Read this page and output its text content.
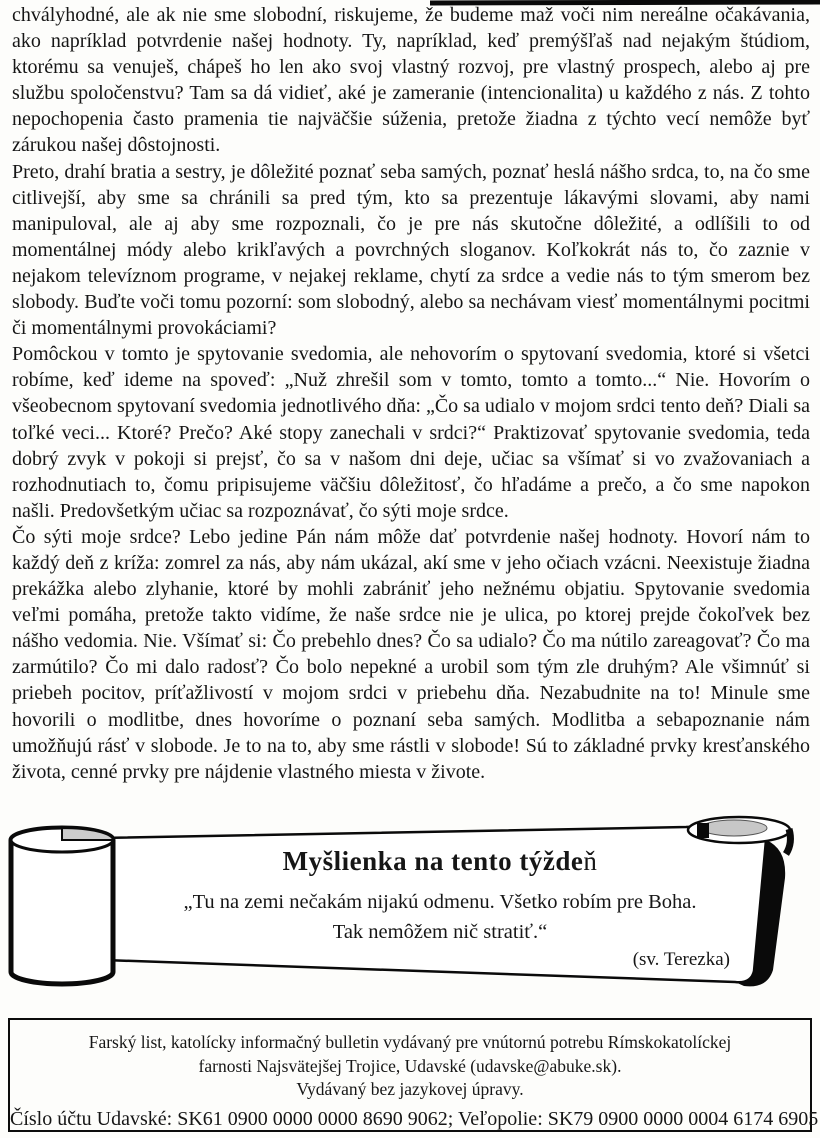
chvályhodné, ale ak nie sme slobodní, riskujeme, že budeme maž voči nim nereálne očakávania, ako napríklad potvrdenie našej hodnoty. Ty, napríklad, keď premýšľaš nad nejakým štúdiom, ktorému sa venuješ, chápeš ho len ako svoj vlastný rozvoj, pre vlastný prospech, alebo aj pre službu spoločenstvu? Tam sa dá vidieť, aké je zameranie (intencionalita) u každého z nás. Z tohto nepochopenia často pramenia tie najväčšie súženia, pretože žiadna z týchto vecí nemôže byť zárukou našej dôstojnosti.

Preto, drahí bratia a sestry, je dôležité poznať seba samých, poznať heslá nášho srdca, to, na čo sme citlivejší, aby sme sa chránili sa pred tým, kto sa prezentuje lákavými slovami, aby nami manipuloval, ale aj aby sme rozpoznali, čo je pre nás skutočne dôležité, a odlíšili to od momentálnej módy alebo krikľavých a povrchných sloganov. Koľkokrát nás to, čo zaznie v nejakom televíznom programe, v nejakej reklame, chytí za srdce a vedie nás to tým smerom bez slobody. Buďte voči tomu pozorní: som slobodný, alebo sa nechávam viesť momentálnymi pocitmi či momentálnymi provokáciami?

Pomôckou v tomto je spytovanie svedomia, ale nehovorím o spytovaní svedomia, ktoré si všetci robíme, keď ideme na spoveď: „Nuž zhrešil som v tomto, tomto a tomto...“ Nie. Hovorím o všeobecnom spytovaní svedomia jednotlivého dňa: „Čo sa udialo v mojom srdci tento deň? Diali sa toľké veci... Ktoré? Prečo? Aké stopy zanechali v srdci?“ Praktizovať spytovanie svedomia, teda dobrý zvyk v pokoji si prejsť, čo sa v našom dni deje, učiac sa všímať si vo zvažovaniach a rozhodnutiach to, čomu pripisujeme väčšiu dôležitosť, čo hľadáme a prečo, a čo sme napokon našli. Predovšetkým učiac sa rozpoznávať, čo sýti moje srdce.

Čo sýti moje srdce? Lebo jedine Pán nám môže dať potvrdenie našej hodnoty. Hovorí nám to každý deň z kríža: zomrel za nás, aby nám ukázal, akí sme v jeho očiach vzácni. Neexistuje žiadna prekážka alebo zlyhanie, ktoré by mohli zabrániť jeho nežnému objatiu. Spytovanie svedomia veľmi pomáha, pretože takto vidíme, že naše srdce nie je ulica, po ktorej prejde čokoľvek bez nášho vedomia. Nie. Všímať si: Čo prebehlo dnes? Čo sa udialo? Čo ma nútilo zareagovať? Čo ma zarmútilo? Čo mi dalo radosť? Čo bolo nepekné a urobil som tým zle druhým? Ale všimnúť si priebeh pocitov, príťažlivostí v mojom srdci v priebehu dňa. Nezabudnite na to! Minule sme hovorili o modlitbe, dnes hovoríme o poznaní seba samých. Modlitba a sebapoznanie nám umožňujú rásť v slobode. Je to na to, aby sme rástli v slobode! Sú to základné prvky kresťanského života, cenné prvky pre nájdenie vlastného miesta v živote.

Myšlienka na tento týždeň
„Tu na zemi nečakám nijakú odmenu. Všetko robím pre Boha.
Tak nemôžem nič stratiť.“
(sv. Terezka)
Farský list, katolícky informačný bulletin vydávaný pre vnútornú potrebu Rímskokatolíckej
farnosti Najsvätejšej Trojice, Udavské (udavske@abuke.sk).
Vydávaný bez jazykovej úpravy.
Číslo účtu Udavské: SK61 0900 0000 0000 8690 9062; Veľopolie: SK79 0900 0000 0004 6174 6905
